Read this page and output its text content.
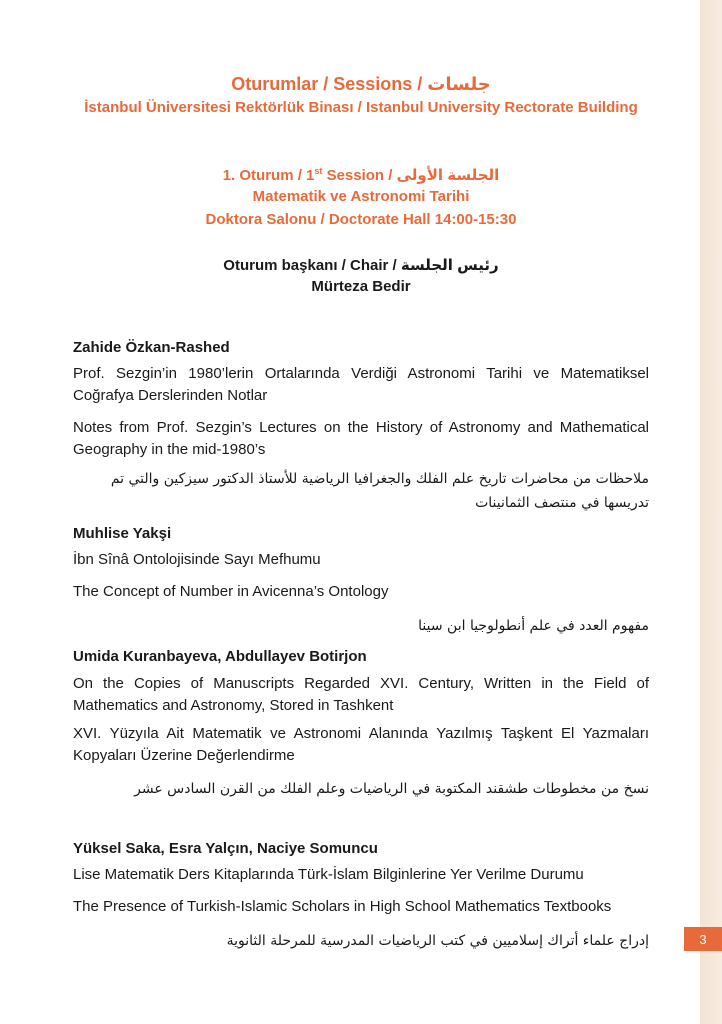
Oturumlar / Sessions / جلسات
İstanbul Üniversitesi Rektörlük Binası / Istanbul University Rectorate Building
1. Oturum / 1st Session / الجلسة الأولى
Matematik ve Astronomi Tarihi
Doktora Salonu / Doctorate Hall 14:00-15:30
Oturum başkanı / Chair / رئيس الجلسة
Mürteza Bedir
Zahide Özkan-Rashed
Prof. Sezgin’in 1980’lerin Ortalarında Verdiği Astronomi Tarihi ve Matematiksel Coğrafya Derslerinden Notlar
Notes from Prof. Sezgin’s Lectures on the History of Astronomy and Mathematical Geography in the mid-1980’s
ملاحظات من محاضرات تاريخ علم الفلك والجغرافيا الرياضية للأستاذ الدكتور سيزكين والتي تم تدريسها في منتصف الثمانينات
Muhlise Yakşi
İbn Sînâ Ontolojisinde Sayı Mefhumu
The Concept of Number in Avicenna’s Ontology
مفهوم العدد في علم أنطولوجيا ابن سينا
Umida Kuranbayeva, Abdullayev Botirjon
On the Copies of Manuscripts Regarded XVI. Century, Written in the Field of Mathematics and Astronomy, Stored in Tashkent
XVI. Yüzyıla Ait Matematik ve Astronomi Alanında Yazılmış Taşkent El Yazmaları Kopyaları Üzerine Değerlendirme
نسخ من مخطوطات طشقند المكتوبة في الرياضيات وعلم الفلك من القرن السادس عشر
Yüksel Saka, Esra Yalçın, Naciye Somuncu
Lise Matematik Ders Kitaplarında Türk-İslam Bilginlerine Yer Verilme Durumu
The Presence of Turkish-Islamic Scholars in High School Mathematics Textbooks
إدراج علماء أتراك إسلاميين في كتب الرياضيات المدرسية للمرحلة الثانوية	3
